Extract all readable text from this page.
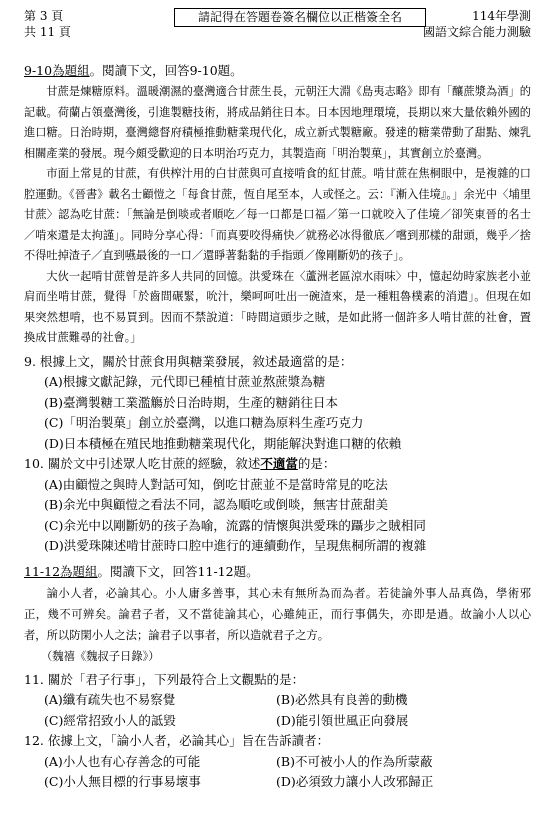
第 3 頁
共 11 頁
請記得在答題卷簽名欄位以正楷簽全名	114年學測
國語文綜合能力測驗
9-10為題組。閱讀下文，回答9-10題。

甘蔗是煉糖原料。溫暖潮濕的臺灣適合甘蔗生長，元朝汪大淵《島夷志略》即有「釀蔗漿為酒」的記載。荷蘭占領臺灣後，引進製糖技術，將成品銷往日本。日本因地理環境，長期以來大量依賴外國的進口糖。日治時期，臺灣總督府積極推動糖業現代化，成立新式製糖廠。發達的糖業帶動了甜點、煉乳相關產業的發展。現今頗受歡迎的日本明治巧克力，其製造商「明治製菓」，其實創立於臺灣。

市面上常見的甘蔗，有供榨汁用的白甘蔗與可直接啃食的紅甘蔗。啃甘蔗在焦桐眼中，是複雜的口腔運動。《晉書》載名士顧愷之「每食甘蔗，恆自尾至本，人或怪之。云：『漸入佳境』。」余光中〈埔里甘蔗〉認為吃甘蔗：「無論是倒啖或者順吃／每一口都是口福／第一口就咬入了佳境／卻笑東晉的名士／啃來還是太拘謹」。同時分享心得：「而真要咬得痛快／就務必冰得徹底／嚐到那樣的甜頭，幾乎／捨不得吐掉渣子／直到嚥最後的一口／還睜著黏黏的手指頭／像剛斷奶的孩子」。

大伙一起啃甘蔗曾是許多人共同的回憶。洪愛珠在〈蘆洲老區涼水雨味〉中，憶起幼時家族老小並肩而坐啃甘蔗，覺得「於齒間碾緊，吮汁，樂呵呵吐出一碗渣來，是一種粗魯樸素的消遣」。但現在如果突然想啃，也不易買到。因而不禁說道：「時間這頭步之賊，是如此將一個許多人啃甘蔗的社會，置換成甘蔗難尋的社會。」

9. 根據上文，關於甘蔗食用與糖業發展，敘述最適當的是：

(A)根據文獻記錄，元代即已種植甘蔗並熬蔗漿為糖

(B)臺灣製糖工業濫觴於日治時期，生產的糖銷往日本

(C)「明治製菓」創立於臺灣，以進口糖為原料生產巧克力

(D)日本積極在殖民地推動糖業現代化，期能解決對進口糖的依賴

10. 關於文中引述眾人吃甘蔗的經驗，敘述不適當的是：

(A)由顧愷之與時人對話可知，倒吃甘蔗並不是當時常見的吃法

(B)余光中與顧愷之看法不同，認為順吃或倒啖，無害甘蔗甜美

(C)余光中以剛斷奶的孩子為喻，流露的情懷與洪愛珠的躡步之賊相同

(D)洪愛珠陳述啃甘蔗時口腔中進行的連續動作，呈現焦桐所謂的複雜

11-12為題組。閱讀下文，回答11-12題。

論小人者，必論其心。小人庸多善事，其心未有無所為而為者。若徒論外事人品真偽，學術邪正，幾不可辨矣。論君子者，又不當徒論其心，心雖純正，而行事偶失，亦即是過。故論小人以心者，所以防閑小人之法；論君子以事者，所以造就君子之方。

（魏禧《魏叔子日錄》）

11. 關於「君子行事」，下列最符合上文觀點的是：

(A)纖有疏失也不易察覺	(B)必然具有良善的動機
(C)經常招致小人的詆毀	(D)能引領世風正向發展

12. 依據上文，「論小人者，必論其心」旨在告訴讀者：

(A)小人也有心存善念的可能	(B)不可被小人的作為所蒙蔽
(C)小人無目標的行事易壞事	(D)必須致力讓小人改邪歸正
